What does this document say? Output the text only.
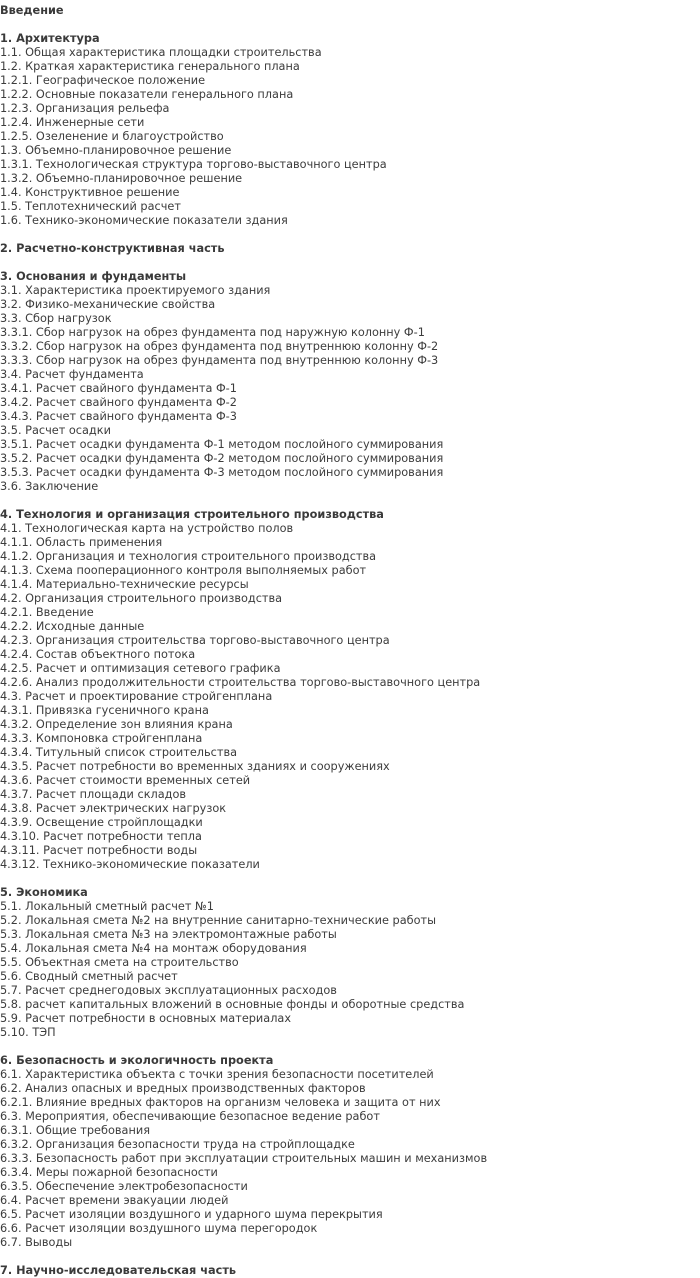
Введение
1. Архитектура
1.1. Общая характеристика площадки строительства
1.2. Краткая характеристика генерального плана
1.2.1. Географическое положение
1.2.2. Основные показатели генерального плана
1.2.3. Организация рельефа
1.2.4. Инженерные сети
1.2.5. Озеленение и благоустройство
1.3. Объемно-планировочное решение
1.3.1. Технологическая структура торгово-выставочного центра
1.3.2. Объемно-планировочное решение
1.4. Конструктивное решение
1.5. Теплотехнический расчет
1.6. Технико-экономические показатели здания
2. Расчетно-конструктивная часть
3. Основания и фундаменты
3.1. Характеристика проектируемого здания
3.2. Физико-механические свойства
3.3. Сбор нагрузок
3.3.1. Сбор нагрузок на обрез фундамента под наружную колонну Ф-1
3.3.2. Сбор нагрузок на обрез фундамента под внутреннюю колонну Ф-2
3.3.3. Сбор нагрузок на обрез фундамента под внутреннюю колонну Ф-3
3.4. Расчет фундамента
3.4.1. Расчет свайного фундамента Ф-1
3.4.2. Расчет свайного фундамента Ф-2
3.4.3. Расчет свайного фундамента Ф-3
3.5. Расчет осадки
3.5.1. Расчет осадки фундамента Ф-1 методом послойного суммирования
3.5.2. Расчет осадки фундамента Ф-2 методом послойного суммирования
3.5.3. Расчет осадки фундамента Ф-3 методом послойного суммирования
3.6. Заключение
4. Технология и организация строительного производства
4.1. Технологическая карта на устройство полов
4.1.1. Область применения
4.1.2. Организация и технология строительного производства
4.1.3. Схема пооперационного контроля выполняемых работ
4.1.4. Материально-технические ресурсы
4.2. Организация строительного производства
4.2.1. Введение
4.2.2. Исходные данные
4.2.3. Организация строительства торгово-выставочного центра
4.2.4. Состав объектного потока
4.2.5. Расчет и оптимизация сетевого графика
4.2.6. Анализ продолжительности строительства торгово-выставочного центра
4.3. Расчет и проектирование стройгенплана
4.3.1. Привязка гусеничного крана
4.3.2. Определение зон влияния крана
4.3.3. Компоновка стройгенплана
4.3.4. Титульный список строительства
4.3.5. Расчет потребности во временных зданиях и сооружениях
4.3.6. Расчет стоимости временных сетей
4.3.7. Расчет площади складов
4.3.8. Расчет электрических нагрузок
4.3.9. Освещение стройплощадки
4.3.10. Расчет потребности тепла
4.3.11. Расчет потребности воды
4.3.12. Технико-экономические показатели
5. Экономика
5.1. Локальный сметный расчет №1
5.2. Локальная смета №2 на внутренние санитарно-технические работы
5.3. Локальная смета №3 на электромонтажные работы
5.4. Локальная смета №4 на монтаж оборудования
5.5. Объектная смета на строительство
5.6. Сводный сметный расчет
5.7. Расчет среднегодовых эксплуатационных расходов
5.8. расчет капитальных вложений в основные фонды и оборотные средства
5.9. Расчет потребности в основных материалах
5.10. ТЭП
6. Безопасность и экологичность проекта
6.1. Характеристика объекта с точки зрения безопасности посетителей
6.2. Анализ опасных и вредных производственных факторов
6.2.1. Влияние вредных факторов на организм человека и защита от них
6.3. Мероприятия, обеспечивающие безопасное ведение работ
6.3.1. Общие требования
6.3.2. Организация безопасности труда на стройплощадке
6.3.3. Безопасность работ при эксплуатации строительных машин и механизмов
6.3.4. Меры пожарной безопасности
6.3.5. Обеспечение электробезопасности
6.4. Расчет времени эвакуации людей
6.5. Расчет изоляции воздушного и ударного шума перекрытия
6.6. Расчет изоляции воздушного шума перегородок
6.7. Выводы
7. Научно-исследовательская часть
